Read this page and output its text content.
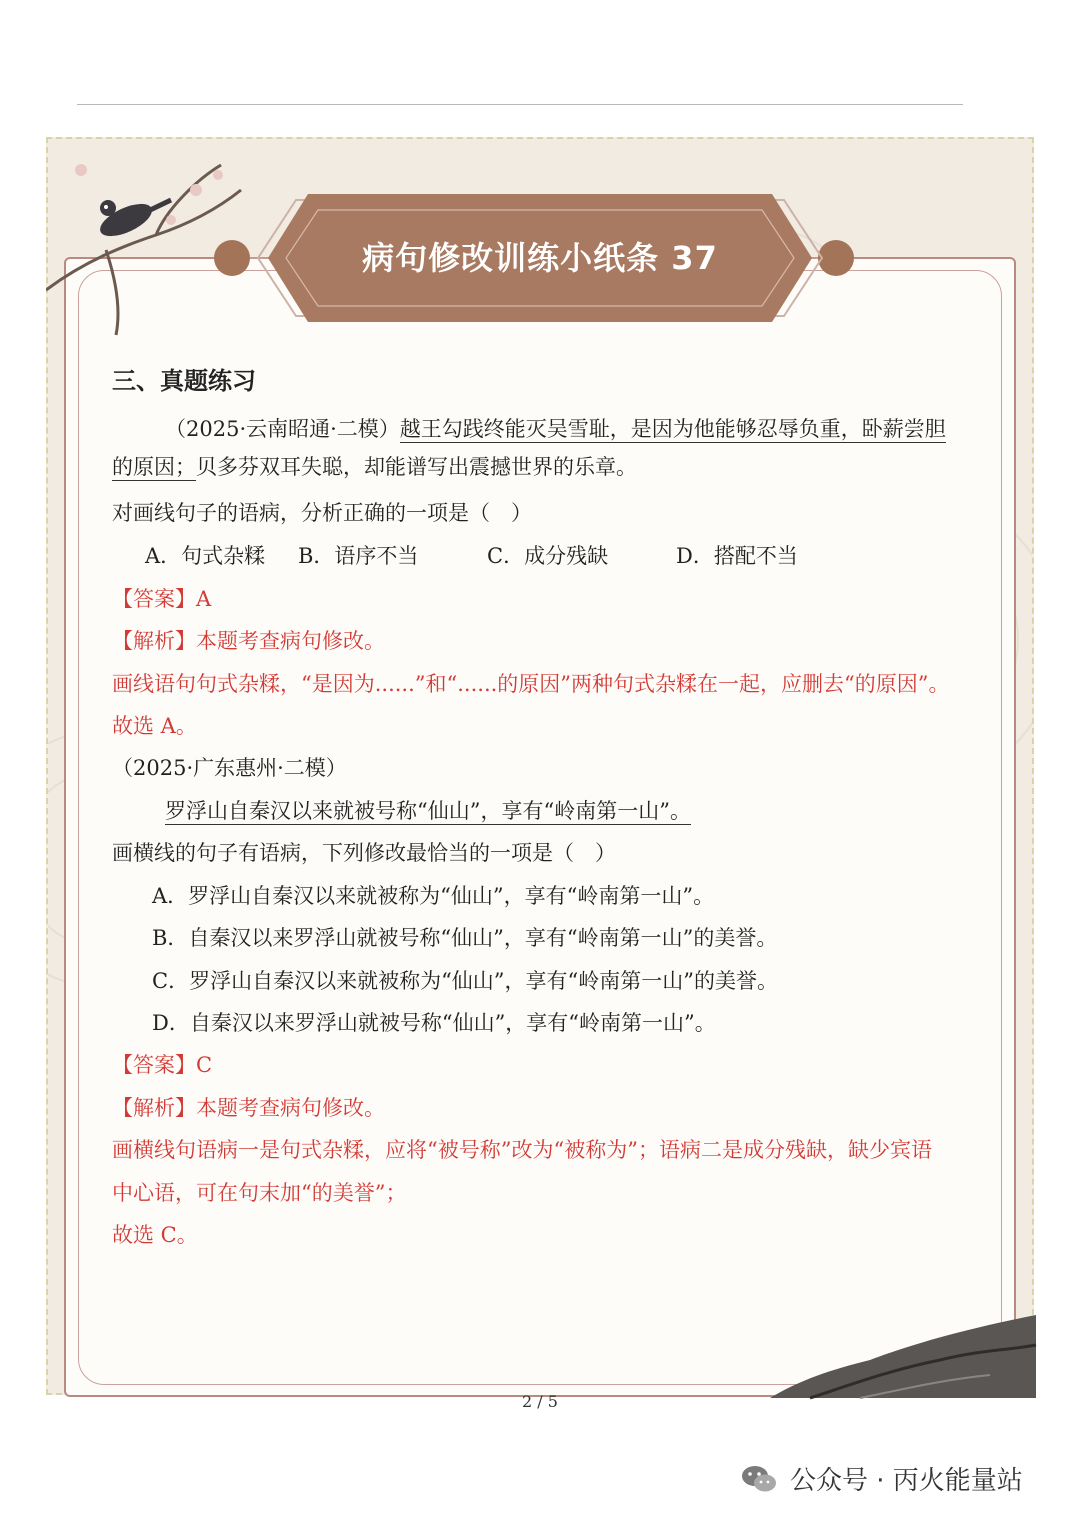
病句修改训练小纸条 37
三、真题练习
（2025·云南昭通·二模）越王勾践终能灭吴雪耻，是因为他能够忍辱负重，卧薪尝胆
的原因；贝多芬双耳失聪，却能谱写出震撼世界的乐章。
对画线句子的语病，分析正确的一项是（　）
A．句式杂糅 B．语序不当	C．成分残缺	D．搭配不当
【答案】A
【解析】本题考查病句修改。
画线语句句式杂糅，“是因为......”和“......的原因”两种句式杂糅在一起，应删去“的原因”。
故选 A。
（2025·广东惠州·二模）
罗浮山自秦汉以来就被号称“仙山”，享有“岭南第一山”。
画横线的句子有语病，下列修改最恰当的一项是（　）
A．罗浮山自秦汉以来就被称为“仙山”，享有“岭南第一山”。
B．自秦汉以来罗浮山就被号称“仙山”，享有“岭南第一山”的美誉。
C．罗浮山自秦汉以来就被称为“仙山”，享有“岭南第一山”的美誉。
D．自秦汉以来罗浮山就被号称“仙山”，享有“岭南第一山”。
【答案】C
【解析】本题考查病句修改。
画横线句语病一是句式杂糅，应将“被号称”改为“被称为”；语病二是成分残缺，缺少宾语
中心语，可在句末加“的美誉”；
故选 C。
2 / 5
公众号 · 丙火能量站
